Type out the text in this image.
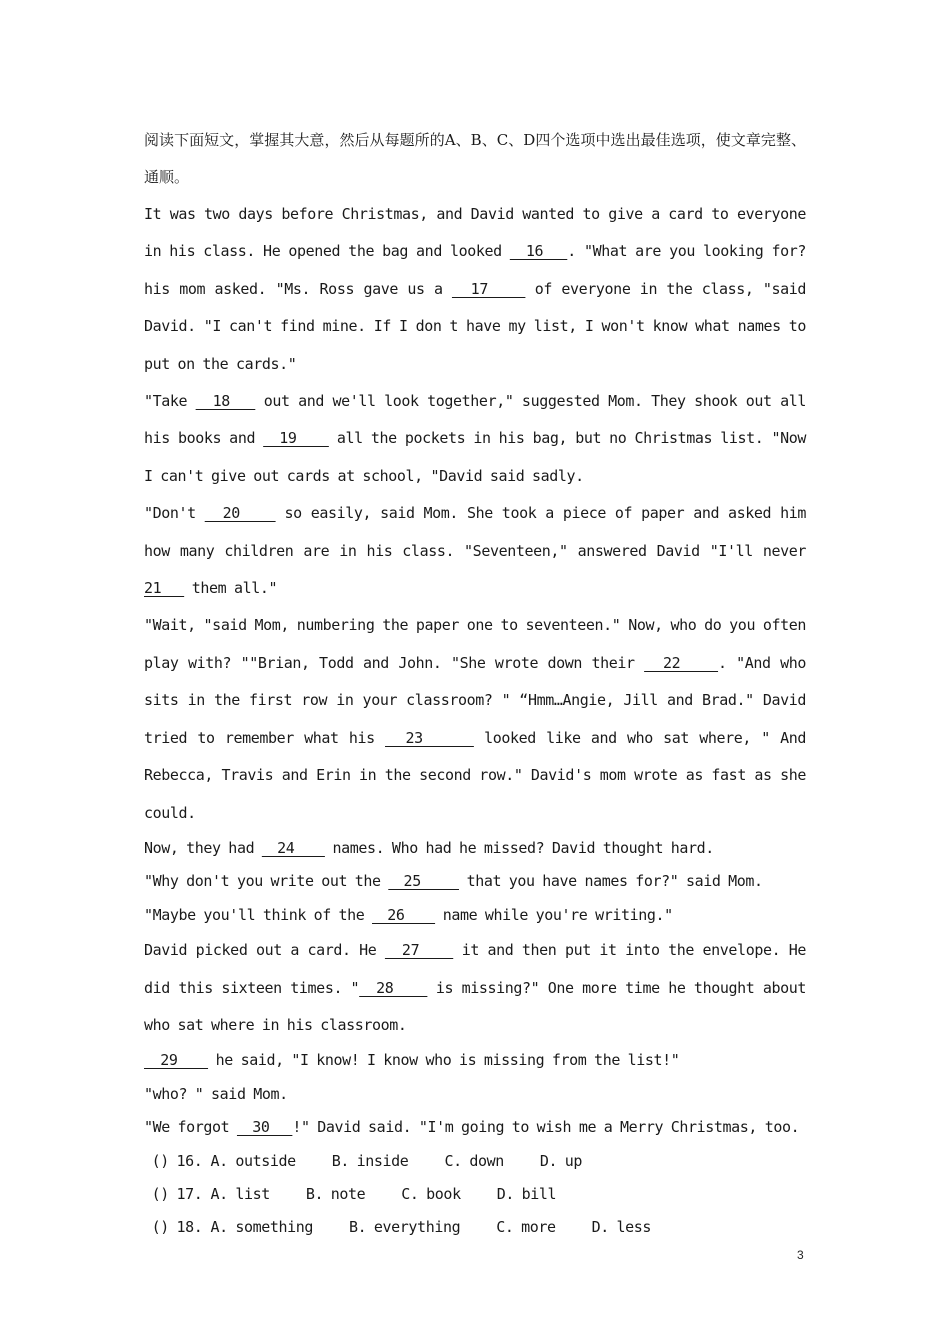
阅读下面短文，掌握其大意，然后从每题所的A、B、C、D四个选项中选出最佳选项，使文章完整、通顺。
It was two days before Christmas, and David wanted to give a card to everyone in his class. He opened the bag and looked   16   . "What are you looking for? his mom asked. "Ms. Ross gave us a   17     of everyone in the class, "said David. "I can't find mine. If I don t have my list, I won't know what names to put on the cards."
"Take   18    out and we'll look together," suggested Mom. They shook out all his books and   19     all the pockets in his bag, but no Christmas list. "Now I can't give out cards at school, "David said sadly.
"Don't   20     so easily, said Mom. She took a piece of paper and asked him how many children are in his class. "Seventeen," answered David "I'll never 21    them all."
"Wait, "said Mom, numbering the paper one to seventeen." Now, who do you often play with? ""Brian, Todd and John. "She wrote down their   22    . "And who sits in the first row in your classroom? " “Hmm…Angie, Jill and Brad." David tried to remember what his   23      looked like and who sat where, " And Rebecca, Travis and Erin in the second row." David's mom wrote as fast as she could.
Now, they had   24     names. Who had he missed? David thought hard.
"Why don't you write out the   25      that you have names for?" said Mom.
"Maybe you'll think of the   26     name while you're writing."
David picked out a card. He   27     it and then put it into the envelope. He did this sixteen times. "  28     is missing?" One more time he thought about who sat where in his classroom.
29     he said, "I know! I know who is missing from the list!"
"who? " said Mom.
"We forgot   30   !" David said. "I'm going to wish me a Merry Christmas, too.
() 16. A. outside B. inside C. down D. up
() 17. A. list B. note C. book D. bill
() 18. A. something B. everything C. more D. less
3
